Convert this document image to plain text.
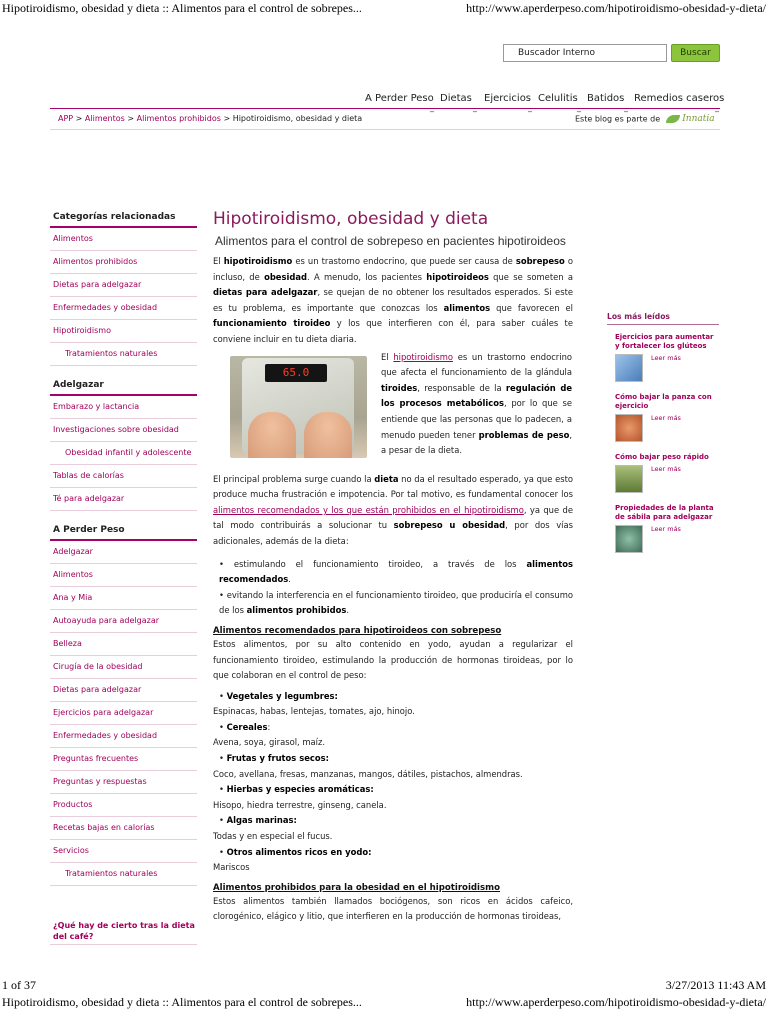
Hipotiroidismo, obesidad y dieta :: Alimentos para el control de sobrepes...	http://www.aperderpeso.com/hipotiroidismo-obesidad-y-dieta/
Buscador Interno
Buscar
A Perder Peso Dietas Ejercicios Celulitis Batidos Remedios caseros
APP > Alimentos > Alimentos prohibidos > Hipotiroidismo, obesidad y dieta	Este blog es parte de Innatia
Categorías relacionadas
Alimentos
Alimentos prohibidos
Dietas para adelgazar
Enfermedades y obesidad
Hipotiroidismo
Tratamientos naturales
Adelgazar
Embarazo y lactancia
Investigaciones sobre obesidad
Obesidad infantil y adolescente
Tablas de calorías
Té para adelgazar
A Perder Peso
Adelgazar
Alimentos
Ana y Mia
Autoayuda para adelgazar
Belleza
Cirugía de la obesidad
Dietas para adelgazar
Ejercicios para adelgazar
Enfermedades y obesidad
Preguntas frecuentes
Preguntas y respuestas
Productos
Recetas bajas en calorías
Servicios
Tratamientos naturales
¿Qué hay de cierto tras la dieta del café?
Hipotiroidismo, obesidad y dieta
Alimentos para el control de sobrepeso en pacientes hipotiroideos
El hipotiroidismo es un trastorno endocrino, que puede ser causa de sobrepeso o incluso, de obesidad. A menudo, los pacientes hipotiroideos que se someten a dietas para adelgazar, se quejan de no obtener los resultados esperados. Si este es tu problema, es importante que conozcas los alimentos que favorecen el funcionamiento tiroideo y los que interfieren con él, para saber cuáles te conviene incluir en tu dieta diaria.
65.0
El hipotiroidismo es un trastorno endocrino que afecta el funcionamiento de la glándula tiroides, responsable de la regulación de los procesos metabólicos, por lo que se entiende que las personas que lo padecen, a menudo pueden tener problemas de peso, a pesar de la dieta.
El principal problema surge cuando la dieta no da el resultado esperado, ya que esto produce mucha frustración e impotencia. Por tal motivo, es fundamental conocer los alimentos recomendados y los que están prohibidos en el hipotiroidismo, ya que de tal modo contribuirás a solucionar tu sobrepeso u obesidad, por dos vías adicionales, además de la dieta:
• estimulando el funcionamiento tiroideo, a través de los alimentos recomendados.
• evitando la interferencia en el funcionamiento tiroideo, que produciría el consumo de los alimentos prohibidos.
Alimentos recomendados para hipotiroideos con sobrepeso
Estos alimentos, por su alto contenido en yodo, ayudan a regularizar el funcionamiento tiroideo, estimulando la producción de hormonas tiroideas, por lo que colaboran en el control de peso:
• Vegetales y legumbres:
Espinacas, habas, lentejas, tomates, ajo, hinojo.
• Cereales:
Avena, soya, girasol, maíz.
• Frutas y frutos secos:
Coco, avellana, fresas, manzanas, mangos, dátiles, pistachos, almendras.
• Hierbas y especies aromáticas:
Hisopo, hiedra terrestre, ginseng, canela.
• Algas marinas:
Todas y en especial el fucus.
• Otros alimentos ricos en yodo:
Mariscos
Alimentos prohibidos para la obesidad en el hipotiroidismo
Estos alimentos también llamados bociógenos, son ricos en ácidos cafeico, clorogénico, elágico y litio, que interfieren en la producción de hormonas tiroideas,
Los más leídos
Ejercicios para aumentar y fortalecer los glúteos
Leer más
Cómo bajar la panza con ejercicio
Leer más
Cómo bajar peso rápido
Leer más
Propiedades de la planta de sábila para adelgazar
Leer más
1 of 37	3/27/2013 11:43 AM
Hipotiroidismo, obesidad y dieta :: Alimentos para el control de sobrepes...	http://www.aperderpeso.com/hipotiroidismo-obesidad-y-dieta/
